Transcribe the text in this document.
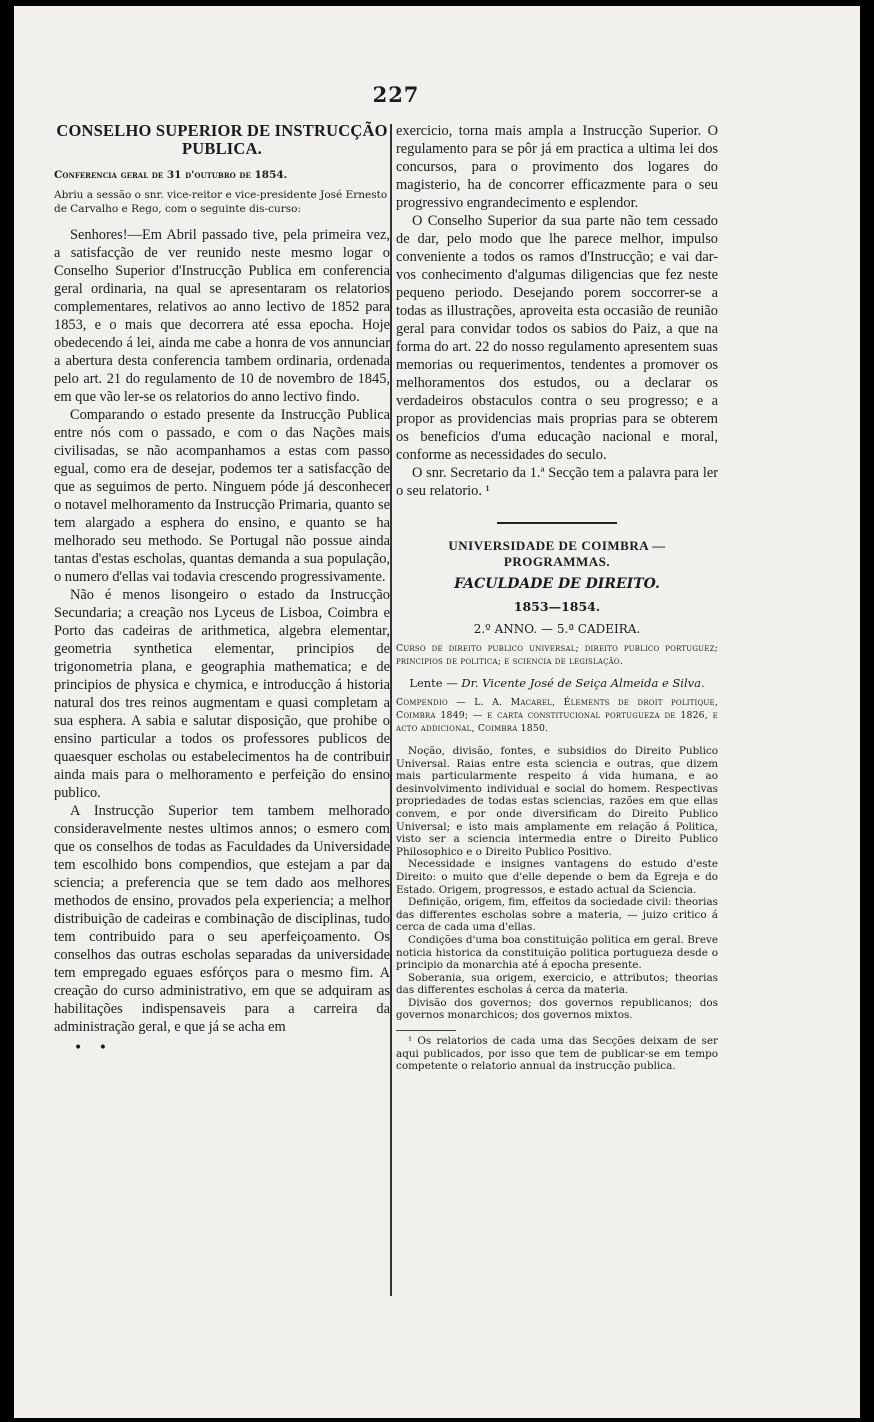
227
CONSELHO SUPERIOR DE INSTRUCÇÃO
PUBLICA.
Conferencia geral de 31 d'outubro de 1854.
Abriu a sessão o snr. vice-reitor e vice-presidente José Ernesto de Carvalho e Rego, com o seguinte dis-curso:

Senhores!—Em Abril passado tive, pela primeira vez, a satisfacção de ver reunido neste mesmo logar o Conselho Superior d'Instrucção Publica em conferencia geral ordinaria, na qual se apresentaram os relatorios complementares, relativos ao anno lectivo de 1852 para 1853, e o mais que decorrera até essa epocha. Hoje obedecendo á lei, ainda me cabe a honra de vos annunciar a abertura desta conferencia tambem ordinaria, ordenada pelo art. 21 do regulamento de 10 de novembro de 1845, em que vão ler-se os relatorios do anno lectivo findo.

Comparando o estado presente da Instrucção Publica entre nós com o passado, e com o das Nações mais civilisadas, se não acompanhamos a estas com passo egual, como era de desejar, podemos ter a satisfacção de que as seguimos de perto. Ninguem póde já desconhecer o notavel melhoramento da Instrucção Primaria, quanto se tem alargado a esphera do ensino, e quanto se ha melhorado seu methodo. Se Portugal não possue ainda tantas d'estas escholas, quantas demanda a sua população, o numero d'ellas vai todavia crescendo progressivamente.

Não é menos lisongeiro o estado da Instrucção Secundaria; a creação nos Lyceus de Lisboa, Coimbra e Porto das cadeiras de arithmetica, algebra elementar, geometria synthetica elementar, principios de trigonometria plana, e geographia mathematica; e de principios de physica e chymica, e introducção á historia natural dos tres reinos augmentam e quasi completam a sua esphera. A sabia e salutar disposição, que prohibe o ensino particular a todos os professores publicos de quaesquer escholas ou estabelecimentos ha de contribuir ainda mais para o melhoramento e perfeição do ensino publico.

A Instrucção Superior tem tambem melhorado consideravelmente nestes ultimos annos; o esmero com que os conselhos de todas as Faculdades da Universidade tem escolhido bons compendios, que estejam a par da sciencia; a preferencia que se tem dado aos melhores methodos de ensino, provados pela experiencia; a melhor distribuição de cadeiras e combinação de disciplinas, tudo tem contribuido para o seu aperfeiçoamento. Os conselhos das outras escholas separadas da universidade tem empregado eguaes esfórços para o mesmo fim. A creação do curso administrativo, em que se adquiram as habilitações indispensaveis para a carreira da administração geral, e que já se acha em

• •

exercicio, torna mais ampla a Instrucção Superior. O regulamento para se pôr já em practica a ultima lei dos concursos, para o provimento dos logares do magisterio, ha de concorrer efficazmente para o seu progressivo engrandecimento e esplendor.

O Conselho Superior da sua parte não tem cessado de dar, pelo modo que lhe parece melhor, impulso conveniente a todos os ramos d'Instrucção; e vai dar-vos conhecimento d'algumas diligencias que fez neste pequeno periodo. Desejando porem soccorrer-se a todas as illustrações, aproveita esta occasião de reunião geral para convidar todos os sabios do Paiz, a que na forma do art. 22 do nosso regulamento apresentem suas memorias ou requerimentos, tendentes a promover os melhoramentos dos estudos, ou a declarar os verdadeiros obstaculos contra o seu progresso; e a propor as providencias mais proprias para se obterem os beneficios d'uma educação nacional e moral, conforme as necessidades do seculo.

O snr. Secretario da 1.ª Secção tem a palavra para ler o seu relatorio. ¹

UNIVERSIDADE DE COIMBRA — PROGRAMMAS.
FACULDADE DE DIREITO.
1853—1854.
2.º ANNO. — 5.ª CADEIRA.
Curso de direito publico universal; direito publico portuguez; principios de politica; e sciencia de legislação.
Lente — Dr. Vicente José de Seiça Almeida e Silva.
Compendio — L. A. Macarel, Élements de droit politique, Coimbra 1849; — e carta constitucional portugueza de 1826, e acto addicional, Coimbra 1850.

Noção, divisão, fontes, e subsidios do Direito Publico Universal. Raias entre esta sciencia e outras, que dizem mais particularmente respeito á vida humana, e ao desinvolvimento individual e social do homem. Respectivas propriedades de todas estas sciencias, razões em que ellas convem, e por onde diversificam do Direito Publico Universal; e isto mais amplamente em relação á Politica, visto ser a sciencia intermedia entre o Direito Publico Philosophico e o Direito Publico Positivo.

Necessidade e insignes vantagens do estudo d'este Direito: o muito que d'elle depende o bem da Egreja e do Estado. Origem, progressos, e estado actual da Sciencia.

Definição, origem, fim, effeitos da sociedade civil: theorias das differentes escholas sobre a materia, — juizo critico á cerca de cada uma d'ellas.

Condições d'uma boa constituição politica em geral. Breve noticia historica da constituição politica portugueza desde o principio da monarchia até á epocha presente.

Soberania, sua origem, exercicio, e attributos; theorias das differentes escholas á cerca da materia.

Divisão dos governos; dos governos republicanos; dos governos monarchicos; dos governos mixtos.

¹ Os relatorios de cada uma das Secções deixam de ser aqui publicados, por isso que tem de publicar-se em tempo competente o relatorio annual da instrucção publica.
